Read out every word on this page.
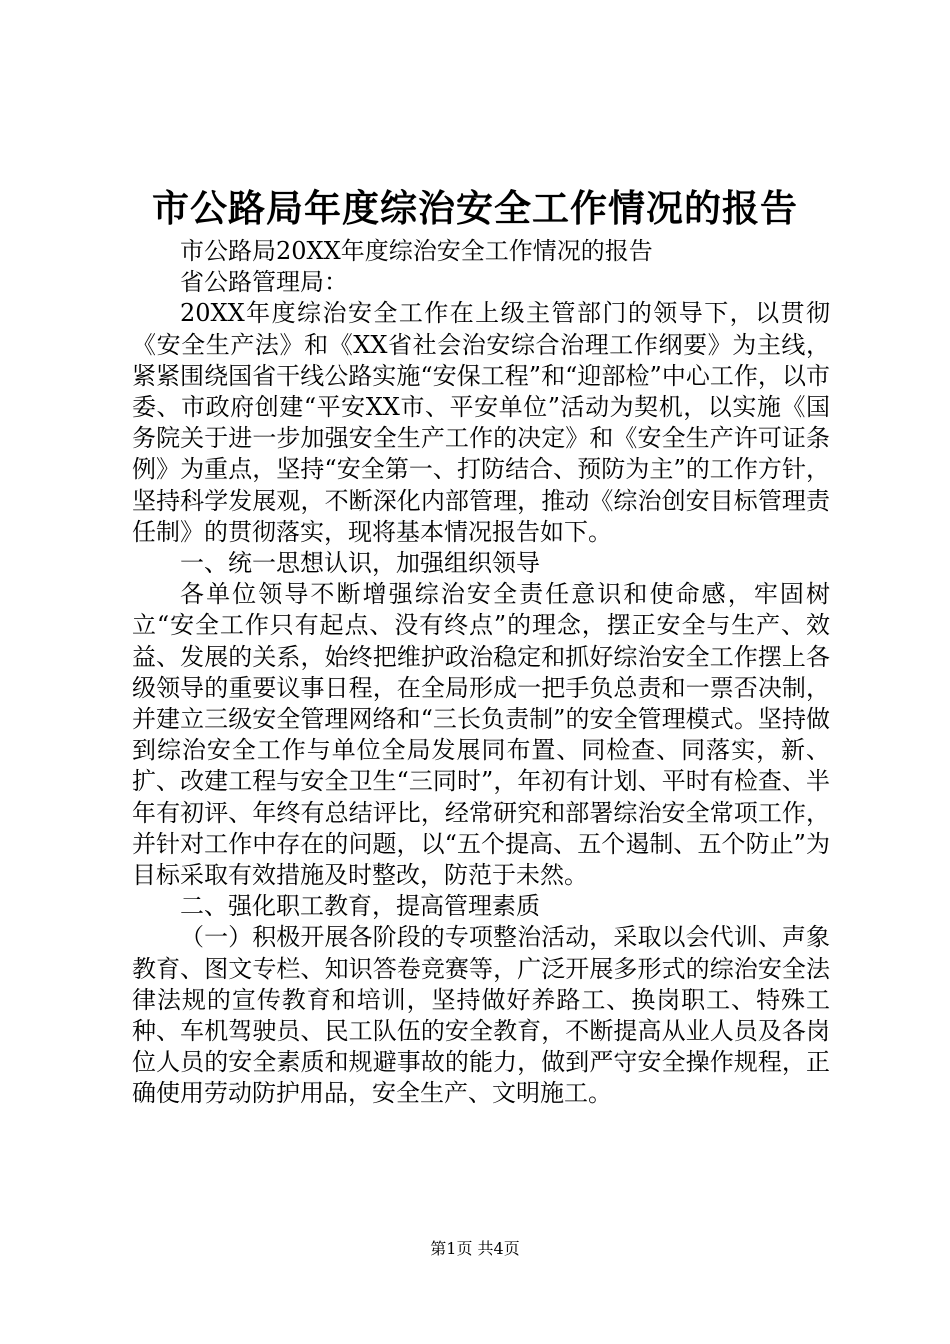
市公路局年度综治安全工作情况的报告

市公路局20XX年度综治安全工作情况的报告

省公路管理局：

20XX年度综治安全工作在上级主管部门的领导下，以贯彻《安全生产法》和《XX省社会治安综合治理工作纲要》为主线，紧紧围绕国省干线公路实施“安保工程”和“迎部检”中心工作，以市委、市政府创建“平安XX市、平安单位”活动为契机，以实施《国务院关于进一步加强安全生产工作的决定》和《安全生产许可证条例》为重点，坚持“安全第一、打防结合、预防为主”的工作方针，坚持科学发展观，不断深化内部管理，推动《综治创安目标管理责任制》的贯彻落实，现将基本情况报告如下。

一、统一思想认识，加强组织领导

各单位领导不断增强综治安全责任意识和使命感，牢固树立“安全工作只有起点、没有终点”的理念，摆正安全与生产、效益、发展的关系，始终把维护政治稳定和抓好综治安全工作摆上各级领导的重要议事日程，在全局形成一把手负总责和一票否决制，并建立三级安全管理网络和“三长负责制”的安全管理模式。坚持做到综治安全工作与单位全局发展同布置、同检查、同落实，新、扩、改建工程与安全卫生“三同时”，年初有计划、平时有检查、半年有初评、年终有总结评比，经常研究和部署综治安全常项工作，并针对工作中存在的问题，以“五个提高、五个遏制、五个防止”为目标采取有效措施及时整改，防范于未然。

二、强化职工教育，提高管理素质

（一）积极开展各阶段的专项整治活动，采取以会代训、声象教育、图文专栏、知识答卷竞赛等，广泛开展多形式的综治安全法律法规的宣传教育和培训，坚持做好养路工、换岗职工、特殊工种、车机驾驶员、民工队伍的安全教育，不断提高从业人员及各岗位人员的安全素质和规避事故的能力，做到严守安全操作规程，正确使用劳动防护用品，安全生产、文明施工。

第1页 共4页
